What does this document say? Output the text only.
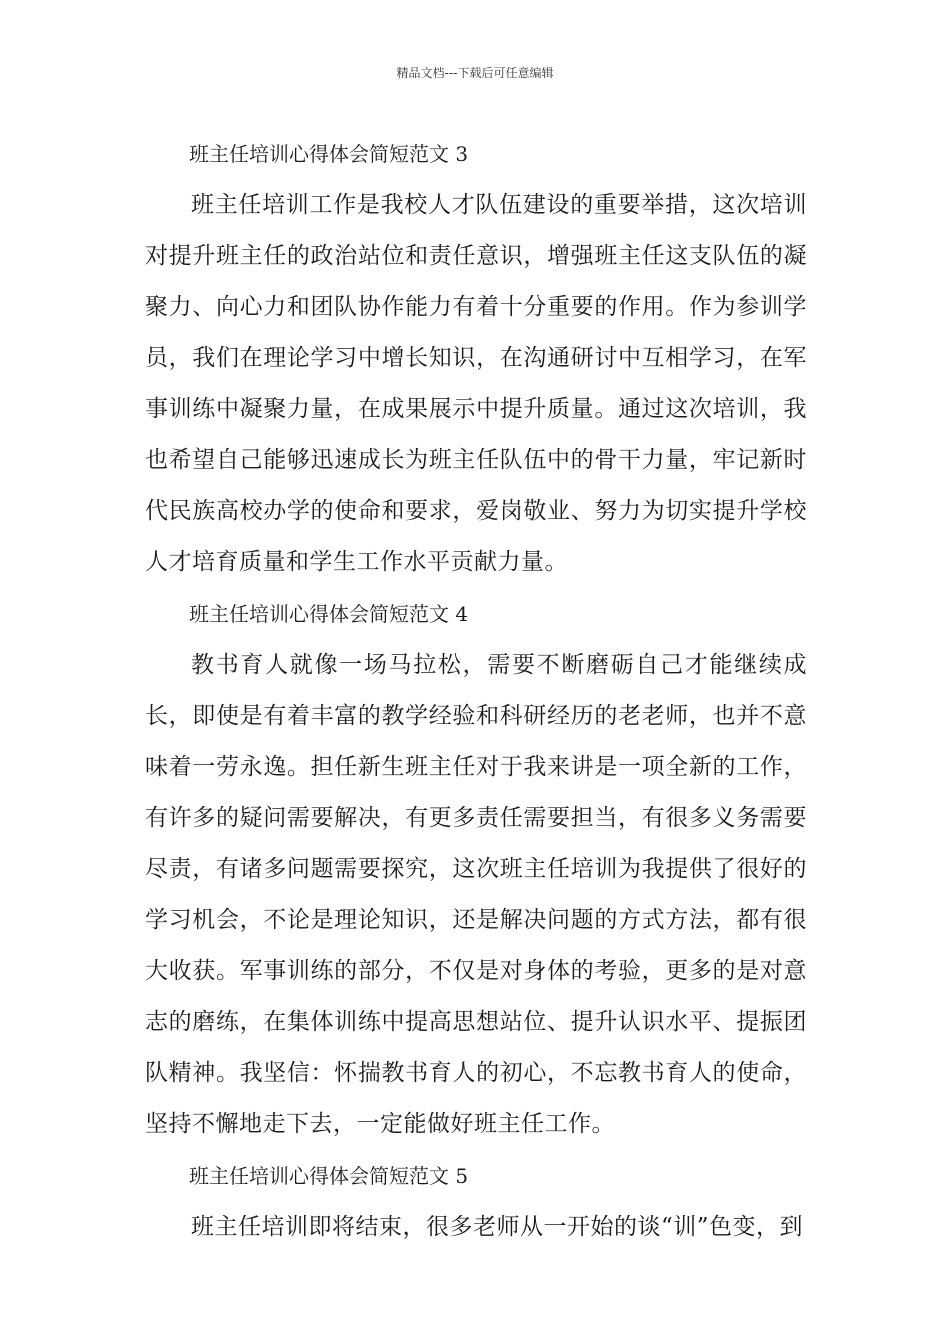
精品文档---下载后可任意编辑
班主任培训心得体会简短范文 3

班主任培训工作是我校人才队伍建设的重要举措，这次培训对提升班主任的政治站位和责任意识，增强班主任这支队伍的凝聚力、向心力和团队协作能力有着十分重要的作用。作为参训学员，我们在理论学习中增长知识，在沟通研讨中互相学习，在军事训练中凝聚力量，在成果展示中提升质量。通过这次培训，我也希望自己能够迅速成长为班主任队伍中的骨干力量，牢记新时代民族高校办学的使命和要求，爱岗敬业、努力为切实提升学校人才培育质量和学生工作水平贡献力量。

班主任培训心得体会简短范文 4

教书育人就像一场马拉松，需要不断磨砺自己才能继续成长，即使是有着丰富的教学经验和科研经历的老老师，也并不意味着一劳永逸。担任新生班主任对于我来讲是一项全新的工作，有许多的疑问需要解决，有更多责任需要担当，有很多义务需要尽责，有诸多问题需要探究，这次班主任培训为我提供了很好的学习机会，不论是理论知识，还是解决问题的方式方法，都有很大收获。军事训练的部分，不仅是对身体的考验，更多的是对意志的磨练，在集体训练中提高思想站位、提升认识水平、提振团队精神。我坚信：怀揣教书育人的初心，不忘教书育人的使命，坚持不懈地走下去，一定能做好班主任工作。

班主任培训心得体会简短范文 5

班主任培训即将结束，很多老师从一开始的谈“训”色变，到
